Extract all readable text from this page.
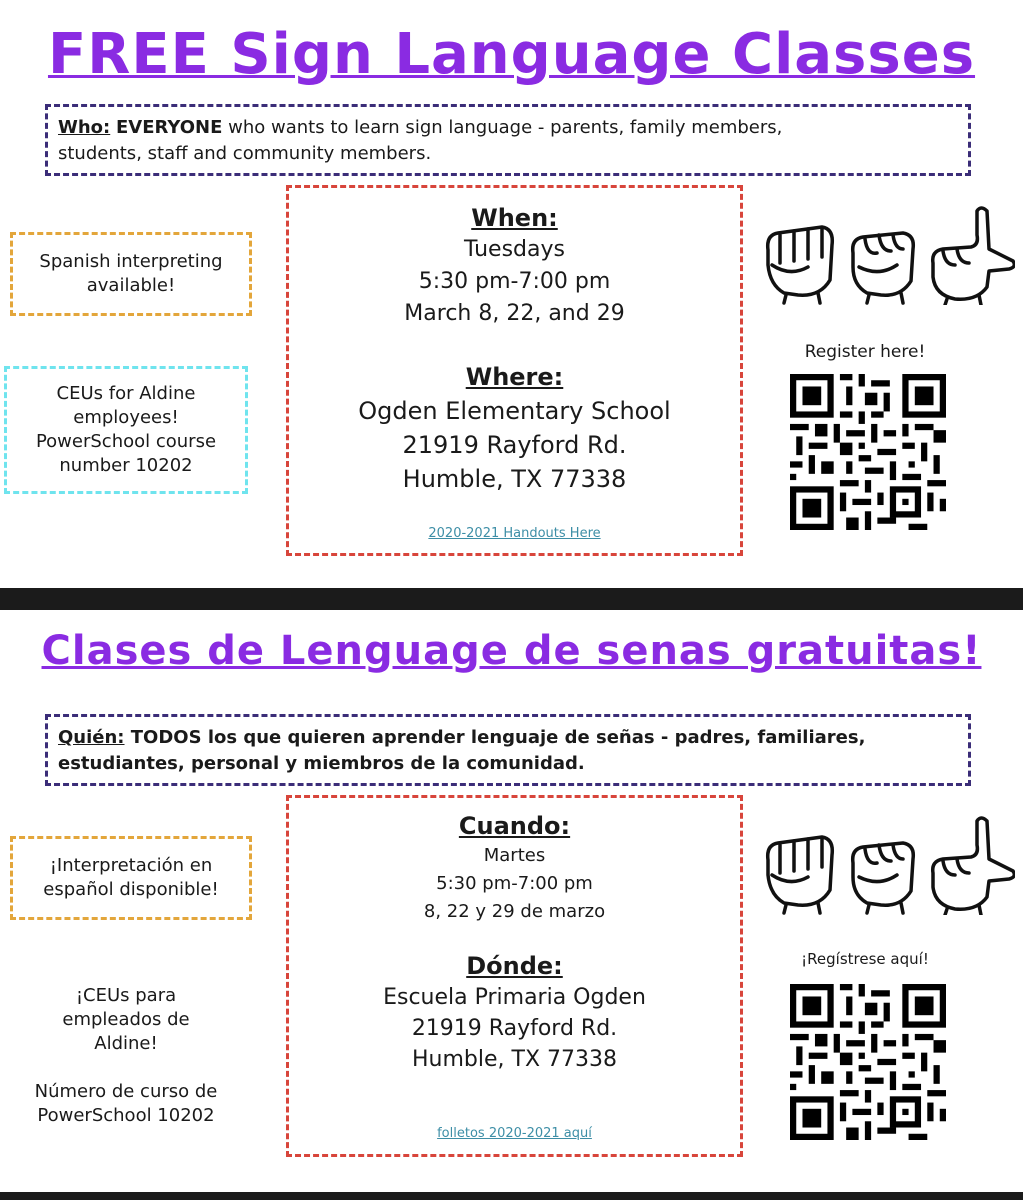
FREE Sign Language Classes
Who: EVERYONE who wants to learn sign language - parents, family members,
students, staff and community members.
Spanish interpreting
available!
CEUs for Aldine
employees!
PowerSchool course
number 10202
When:
Tuesdays
5:30 pm-7:00 pm
March 8, 22, and 29
Where:
Ogden Elementary School
21919 Rayford Rd.
Humble, TX 77338
2020-2021 Handouts Here
Register here!
Clases de Lenguage de senas gratuitas!
Quién: TODOS los que quieren aprender lenguaje de señas - padres, familiares,
estudiantes, personal y miembros de la comunidad.
¡Interpretación en
español disponible!
¡CEUs para
empleados de
Aldine!
Número de curso de
PowerSchool 10202
Cuando:
Martes
5:30 pm-7:00 pm
8, 22 y 29 de marzo
Dónde:
Escuela Primaria Ogden
21919 Rayford Rd.
Humble, TX 77338
folletos 2020-2021 aquí
¡Regístrese aquí!
